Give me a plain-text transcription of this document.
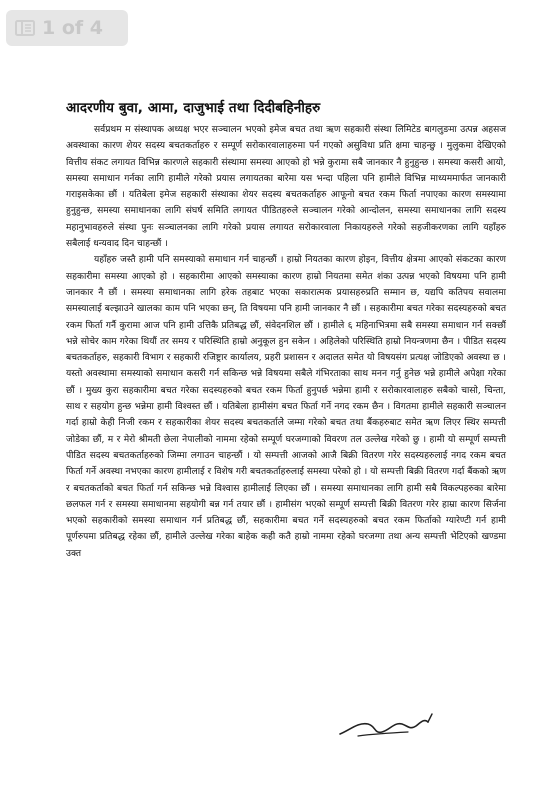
1 of 4
आदरणीय बुवा, आमा, दाजुभाई तथा दिदीबहिनीहरु

सर्वप्रथम म संस्थापक अध्यक्ष भएर सञ्चालन भएको इमेज बचत तथा ऋण सहकारी संस्था लिमिटेड बागलुङमा उत्पन्न अहसज अवस्थाका कारण शेयर सदस्य बचतकर्ताहरु र सम्पूर्ण सरोकारवालाहरुमा पर्न गएको असुविधा प्रति क्षमा चाहन्छु । मुलुकमा देखिएको वित्तीय संकट लगायत विभिन्न कारणले सहकारी संस्थामा समस्या आएको हो भन्ने कुरामा सबै जानकार नै हुनुहुन्छ । समस्या कसरी आयो, समस्या समाधान गर्नका लागि हामीले गरेको प्रयास लगायतका बारेमा यस भन्दा पहिला पनि हामीले विभिन्न माध्यममार्फत जानकारी गराइसकेका छौं । यतिबेला इमेज सहकारी संस्थाका शेयर सदस्य बचतकर्ताहरु आफूनो बचत रकम फिर्ता नपाएका कारण समस्यामा हुनुहुन्छ, समस्या समाधानका लागि संघर्ष समिति लगायत पीडितहरुले सञ्चालन गरेको आन्दोलन, समस्या समाधानका लागि सदस्य महानुभावहरुले संस्था पुनः सञ्चालनका लागि गरेको प्रयास लगायत सरोकारवाला निकायहरुले गरेको सहजीकरणका लागि यहाँहरु सबैलाई धन्यवाद दिन चाहन्छौं ।

यहाँहरु जस्तै हामी पनि समस्याको समाधान गर्न चाहन्छौं । हाम्रो नियतका कारण होइन, वित्तीय क्षेत्रमा आएको संकटका कारण सहकारीमा समस्या आएको हो । सहकारीमा आएको समस्याका कारण हाम्रो नियतमा समेत शंका उत्पन्न भएको विषयमा पनि हामी जानकार नै छौं । समस्या समाधानका लागि हरेक तहबाट भएका सकारात्मक प्रयासहरुप्रति सम्मान छ, यद्यपि कतिपय सवालमा समस्यालाई बल्झाउने खालका काम पनि भएका छन्, ति विषयमा पनि हामी जानकार नै छौं । सहकारीमा बचत गरेका सदस्यहरुको बचत रकम फिर्ता गर्नै कुरामा आज पनि हामी उत्तिकै प्रतिबद्ध छौं, संवेदनशिल छौं । हामीले ६ महिनाभित्रमा सबै समस्या समाधान गर्न सक्छौं भन्ने सोचेर काम गरेका थियौं तर समय र परिस्थिति हाम्रो अनुकूल हुन सकेन । अहिलेको परिस्थिति हाम्रो नियन्त्रणमा छैन । पीडित सदस्य बचतकर्ताहरु, सहकारी विभाग र सहकारी रजिष्ट्रार कार्यालय, प्रहरी प्रशासन र अदालत समेत यो विषयसंग प्रत्यक्ष जोडिएको अवस्था छ । यस्तो अवस्थामा समस्याको समाधान कसरी गर्न सकिन्छ भन्ने विषयमा सबैले गंभिरताका साथ मनन गर्नु हुनेछ भन्ने हामीले अपेक्षा गरेका छौं । मुख्य कुरा सहकारीमा बचत गरेका सदस्यहरुको बचत रकम फिर्ता हुनुपर्छ भन्नेमा हामी र सरोकारवालाहरु सबैको चासो, चिन्ता, साथ र सहयोग हुन्छ भन्नेमा हामी विश्वस्त छौं । यतिबेला हामीसंग बचत फिर्ता गर्ने नगद रकम छैन । विगतमा हामीले सहकारी सञ्चालन गर्दा हाम्रो केही निजी रकम र सहकारीका शेयर सदस्य बचतकर्तालेे जम्मा गरेको बचत तथा बैंकहरुबाट समेत ऋण लिएर स्थिर सम्पत्ती जोडेका छौं, म र मेरो श्रीमती छेला नेपालीको नाममा रहेको सम्पूर्ण घरजग्गाको विवरण तल उल्लेख गरेको छु । हामी यो सम्पूर्ण सम्पत्ती पीडित सदस्य बचतकर्ताहरुको जिम्मा लगाउन चाहन्छौं । यो सम्पत्ती आजको आजै बिक्री वितरण गरेर सदस्यहरुलाई नगद रकम बचत फिर्ता गर्ने अवस्था नभएका कारण हामीलाई र विशेष गरी बचतकर्ताहरुलाई समस्या परेको हो । यो सम्पत्ती बिक्री वितरण गर्दा बैंकको ऋण र बचतकर्ताको बचत फिर्ता गर्न सकिन्छ भन्ने विश्वास हामीलाई लिएका छौं । समस्या समाधानका लागि हामी सबै विकल्पहरुका बारेमा छलफल गर्न र समस्या समाधानमा सहयोगी बन्न गर्न तयार छौं । हामीसंग भएको सम्पूर्ण सम्पत्ती बिक्री वितरण गरेर हाम्रा कारण सिर्जना भएको सहकारीको समस्या समाधान गर्न प्रतिबद्ध छौं, सहकारीमा बचत गर्ने सदस्यहरुको बचत रकम फिर्ताको ग्यारेण्टी गर्न हामी पूर्णरुपमा प्रतिबद्ध रहेका छौं, हामीले उल्लेख गरेका बाहेक कही कतै हाम्रो नाममा रहेको घरजग्गा तथा अन्य सम्पत्ती भेटिएको खण्डमा उक्त
